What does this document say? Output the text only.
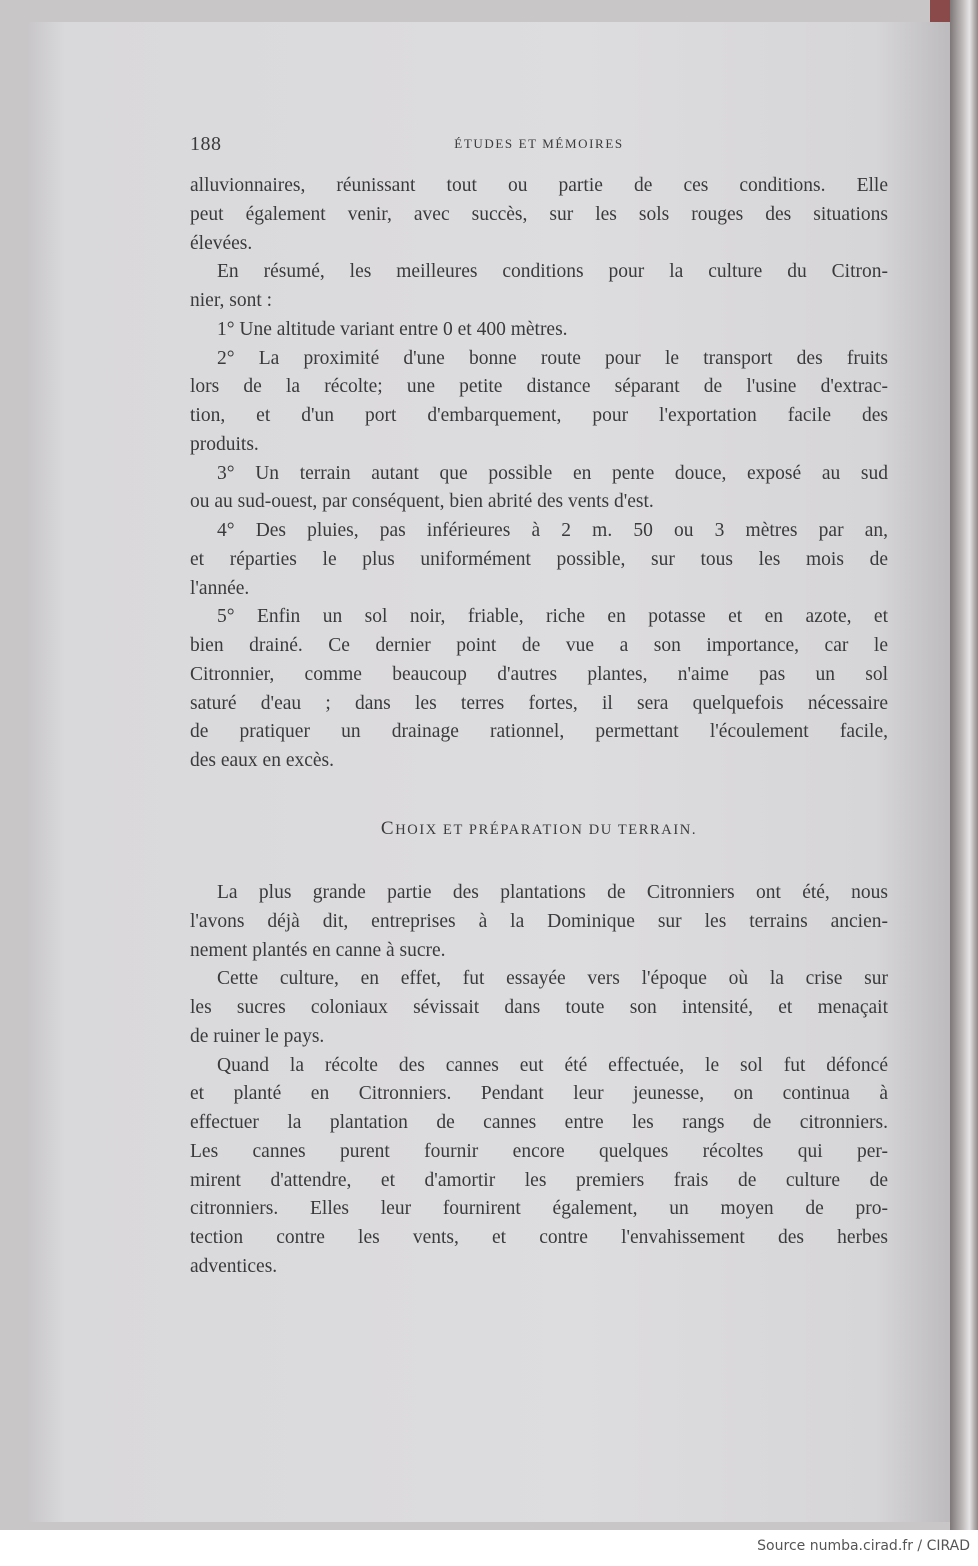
188	ÉTUDES ET MÉMOIRES
alluvionnaires, réunissant tout ou partie de ces conditions. Elle
peut également venir, avec succès, sur les sols rouges des situations
élevées.
En résumé, les meilleures conditions pour la culture du Citron-
nier, sont :
1° Une altitude variant entre 0 et 400 mètres.
2° La proximité d'une bonne route pour le transport des fruits
lors de la récolte; une petite distance séparant de l'usine d'extrac-
tion, et d'un port d'embarquement, pour l'exportation facile des
produits.
3° Un terrain autant que possible en pente douce, exposé au sud
ou au sud-ouest, par conséquent, bien abrité des vents d'est.
4° Des pluies, pas inférieures à 2 m. 50 ou 3 mètres par an,
et réparties le plus uniformément possible, sur tous les mois de
l'année.
5° Enfin un sol noir, friable, riche en potasse et en azote, et
bien drainé. Ce dernier point de vue a son importance, car le
Citronnier, comme beaucoup d'autres plantes, n'aime pas un sol
saturé d'eau ; dans les terres fortes, il sera quelquefois nécessaire
de pratiquer un drainage rationnel, permettant l'écoulement facile,
des eaux en excès.
CHOIX ET PRÉPARATION DU TERRAIN.
La plus grande partie des plantations de Citronniers ont été, nous
l'avons déjà dit, entreprises à la Dominique sur les terrains ancien-
nement plantés en canne à sucre.
Cette culture, en effet, fut essayée vers l'époque où la crise sur
les sucres coloniaux sévissait dans toute son intensité, et menaçait
de ruiner le pays.
Quand la récolte des cannes eut été effectuée, le sol fut défoncé
et planté en Citronniers. Pendant leur jeunesse, on continua à
effectuer la plantation de cannes entre les rangs de citronniers.
Les cannes purent fournir encore quelques récoltes qui per-
mirent d'attendre, et d'amortir les premiers frais de culture de
citronniers. Elles leur fournirent également, un moyen de pro-
tection contre les vents, et contre l'envahissement des herbes
adventices.
Source numba.cirad.fr / CIRAD
